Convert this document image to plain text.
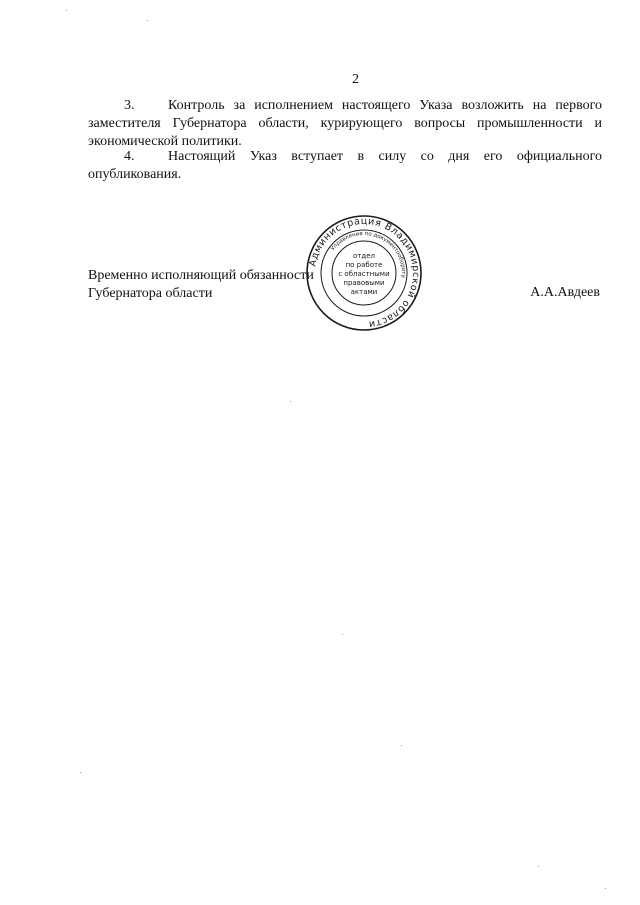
2
3. Контроль за исполнением настоящего Указа возложить на первого заместителя Губернатора области, курирующего вопросы промышленности и экономической политики.
4. Настоящий Указ вступает в силу со дня его официального опубликования.
Временно исполняющий обязанности
Губернатора области	А.А.Авдеев
Администрация Владимирской области
Управление по документообороту
отдел
по работе
с областными
правовыми
актами
